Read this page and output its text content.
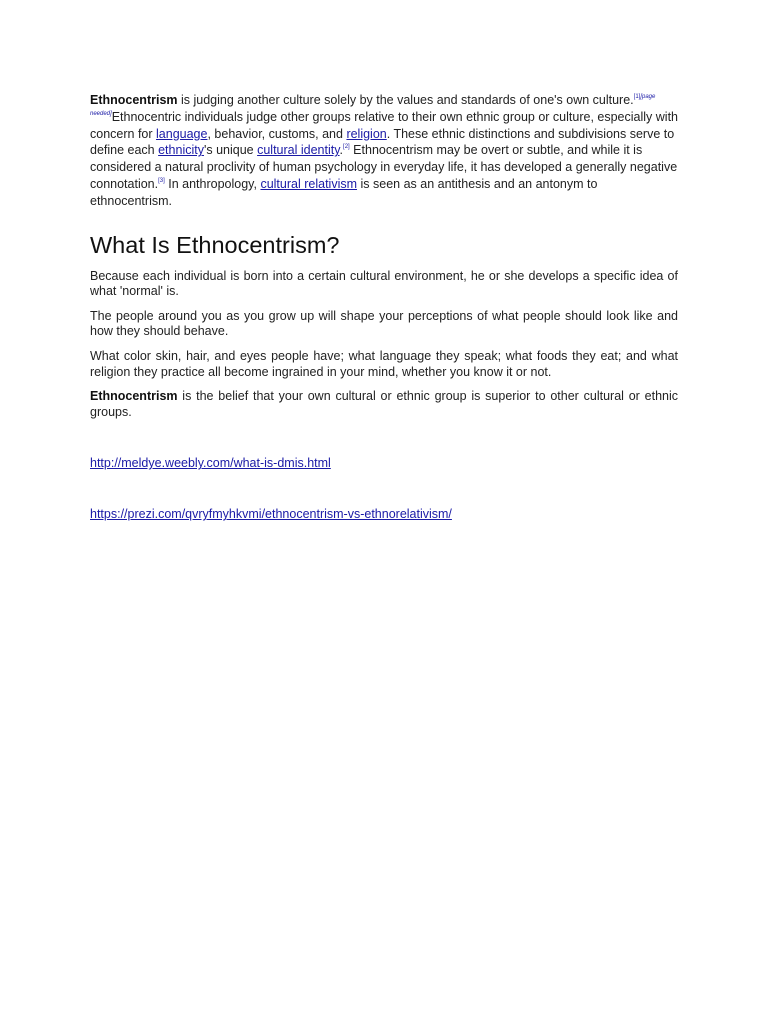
Ethnocentrism is judging another culture solely by the values and standards of one's own culture.[1][page needed]Ethnocentric individuals judge other groups relative to their own ethnic group or culture, especially with concern for language, behavior, customs, and religion. These ethnic distinctions and subdivisions serve to define each ethnicity's unique cultural identity.[2] Ethnocentrism may be overt or subtle, and while it is considered a natural proclivity of human psychology in everyday life, it has developed a generally negative connotation.[3] In anthropology, cultural relativism is seen as an antithesis and an antonym to ethnocentrism.

What Is Ethnocentrism?

Because each individual is born into a certain cultural environment, he or she develops a specific idea of what 'normal' is.

The people around you as you grow up will shape your perceptions of what people should look like and how they should behave.

What color skin, hair, and eyes people have; what language they speak; what foods they eat; and what religion they practice all become ingrained in your mind, whether you know it or not.

Ethnocentrism is the belief that your own cultural or ethnic group is superior to other cultural or ethnic groups.

http://meldye.weebly.com/what-is-dmis.html

https://prezi.com/qvryfmyhkvmi/ethnocentrism-vs-ethnorelativism/
